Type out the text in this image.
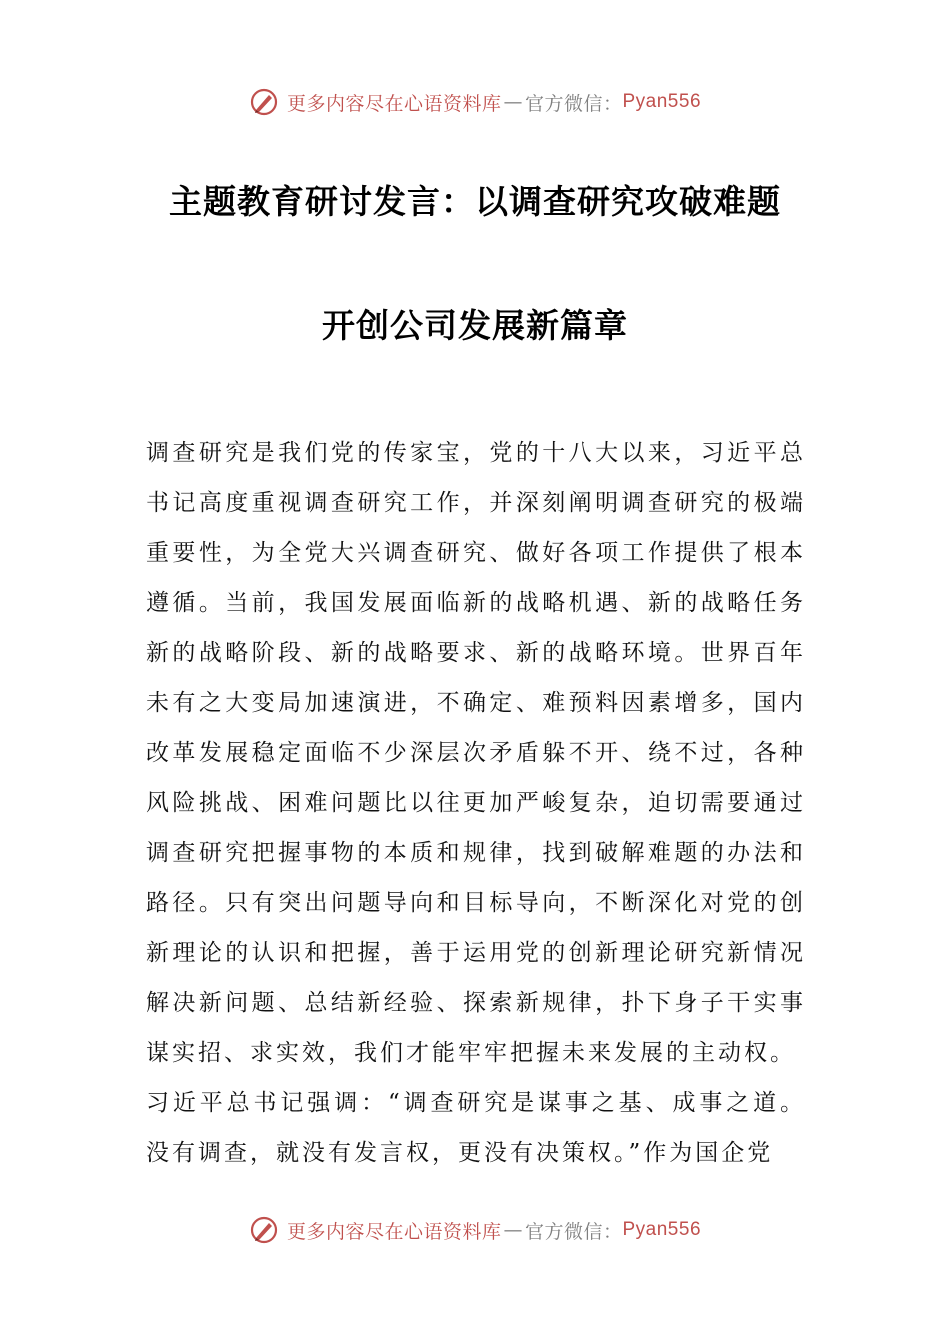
更多内容尽在心语资料库 — 官方微信： Pyan556
主题教育研讨发言：以调查研究攻破难题
开创公司发展新篇章

调查研究是我们党的传家宝，党的十八大以来，习近平总书记高度重视调查研究工作，并深刻阐明调查研究的极端重要性，为全党大兴调查研究、做好各项工作提供了根本遵循。当前，我国发展面临新的战略机遇、新的战略任务新的战略阶段、新的战略要求、新的战略环境。世界百年未有之大变局加速演进，不确定、难预料因素增多，国内改革发展稳定面临不少深层次矛盾躲不开、绕不过，各种风险挑战、困难问题比以往更加严峻复杂，迫切需要通过调查研究把握事物的本质和规律，找到破解难题的办法和路径。只有突出问题导向和目标导向，不断深化对党的创新理论的认识和把握，善于运用党的创新理论研究新情况解决新问题、总结新经验、探索新规律，扑下身子干实事谋实招、求实效，我们才能牢牢把握未来发展的主动权。

习近平总书记强调：“调查研究是谋事之基、成事之道。没有调查，就没有发言权，更没有决策权。”作为国企党

更多内容尽在心语资料库 — 官方微信： Pyan556
